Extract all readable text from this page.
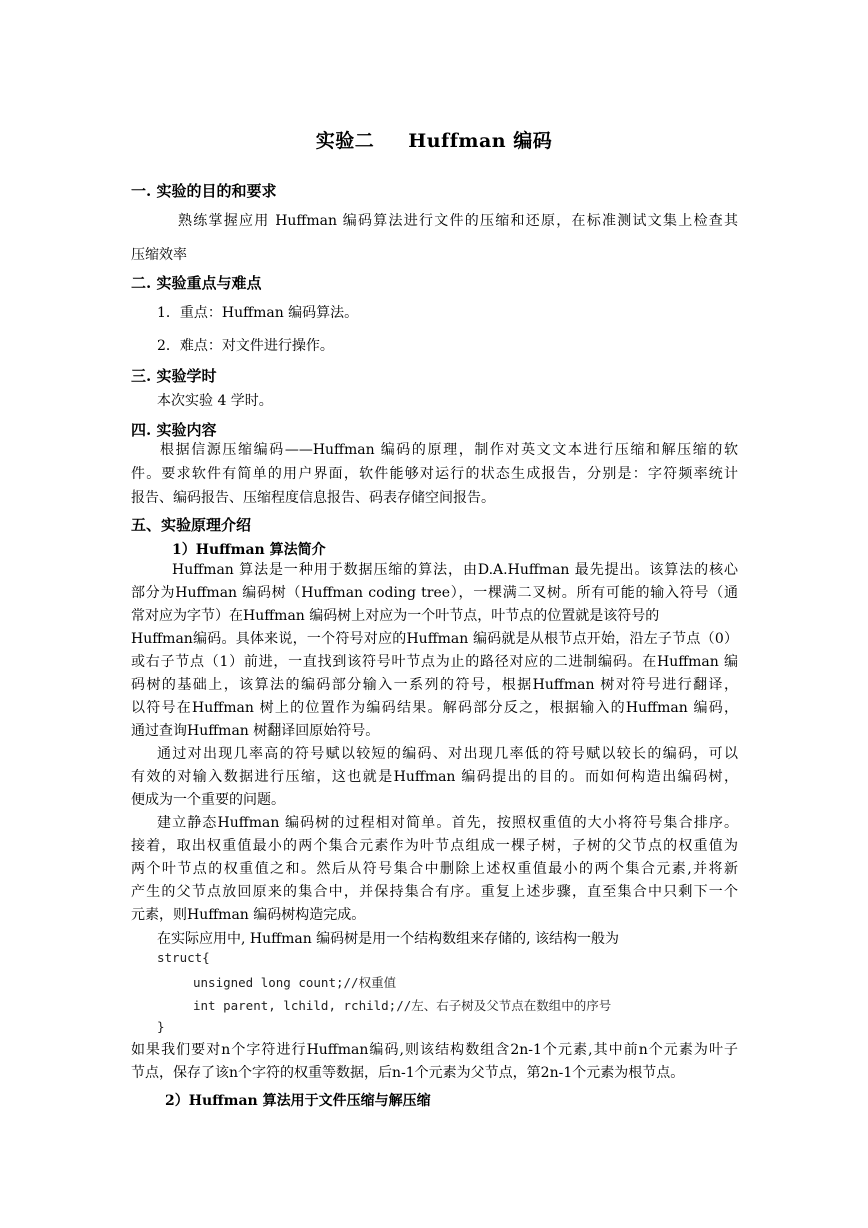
实验二 Huffman 编码
一. 实验的目的和要求
熟练掌握应用 Huffman 编码算法进行文件的压缩和还原，在标准测试文集上检查其
压缩效率
二. 实验重点与难点
1．重点：Huffman 编码算法。
2．难点：对文件进行操作。
三. 实验学时
本次实验 4 学时。
四. 实验内容
根据信源压缩编码——Huffman 编码的原理，制作对英文文本进行压缩和解压缩的软
件。要求软件有简单的用户界面，软件能够对运行的状态生成报告，分别是：字符频率统计
报告、编码报告、压缩程度信息报告、码表存储空间报告。
五、实验原理介绍
1）Huffman 算法简介
Huffman 算法是一种用于数据压缩的算法，由D.A.Huffman 最先提出。该算法的核心
部分为Huffman 编码树（Huffman coding tree），一棵满二叉树。所有可能的输入符号（通
常对应为字节）在Huffman 编码树上对应为一个叶节点，叶节点的位置就是该符号的
Huffman编码。具体来说，一个符号对应的Huffman 编码就是从根节点开始，沿左子节点（0）
或右子节点（1）前进，一直找到该符号叶节点为止的路径对应的二进制编码。在Huffman 编
码树的基础上，该算法的编码部分输入一系列的符号，根据Huffman 树对符号进行翻译，
以符号在Huffman 树上的位置作为编码结果。解码部分反之，根据输入的Huffman 编码，
通过查询Huffman 树翻译回原始符号。
通过对出现几率高的符号赋以较短的编码、对出现几率低的符号赋以较长的编码，可以
有效的对输入数据进行压缩，这也就是Huffman 编码提出的目的。而如何构造出编码树，
便成为一个重要的问题。
建立静态Huffman 编码树的过程相对简单。首先，按照权重值的大小将符号集合排序。
接着，取出权重值最小的两个集合元素作为叶节点组成一棵子树，子树的父节点的权重值为
两个叶节点的权重值之和。然后从符号集合中删除上述权重值最小的两个集合元素,并将新
产生的父节点放回原来的集合中，并保持集合有序。重复上述步骤，直至集合中只剩下一个
元素，则Huffman 编码树构造完成。
在实际应用中, Huffman 编码树是用一个结构数组来存储的, 该结构一般为
struct{
unsigned long count;//权重值
int parent, lchild, rchild;//左、右子树及父节点在数组中的序号
}
如果我们要对n个字符进行Huffman编码,则该结构数组含2n-1个元素,其中前n个元素为叶子
节点，保存了该n个字符的权重等数据，后n-1个元素为父节点，第2n-1个元素为根节点。
2）Huffman 算法用于文件压缩与解压缩
